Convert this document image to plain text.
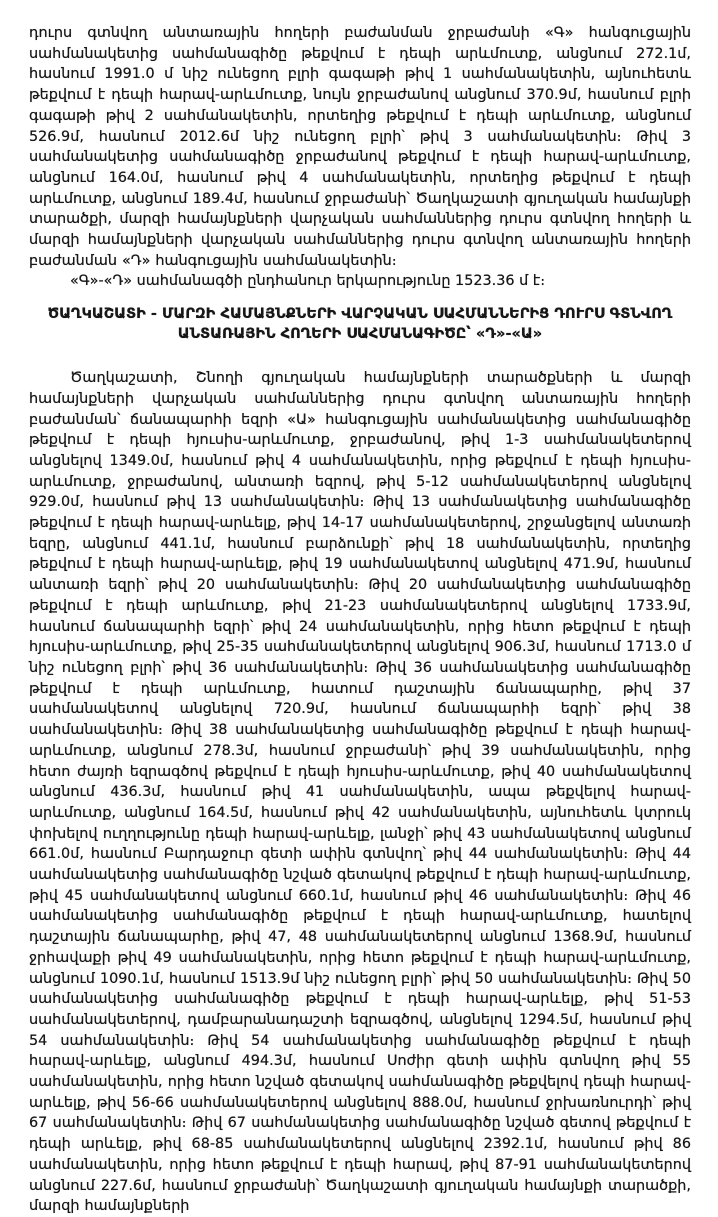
դուրս գտնվող անտառային հողերի բաժանման ջրբաժանի «Գ» հանգուցային սահմանակետից սահմանագիծը թեքվում է դեպի արևմուտք, անցնում 272.1մ, հասնում 1991.0 մ նիշ ունեցող բլրի գագաթի թիվ 1 սահմանակետին, այնուհետև թեքվում է դեպի հարավ-արևմուտք, նույն ջրբաժանով անցնում 370.9մ, հասնում բլրի գագաթի թիվ 2 սահմանակետին, որտեղից թեքվում է դեպի արևմուտք, անցնում 526.9մ, հասնում 2012.6մ նիշ ունեցող բլրի՝ թիվ 3 սահմանակետին։ Թիվ 3 սահմանակետից սահմանագիծը ջրբաժանով թեքվում է դեպի հարավ-արևմուտք, անցնում 164.0մ, հասնում թիվ 4 սահմանակետին, որտեղից թեքվում է դեպի արևմուտք, անցնում 189.4մ, հասնում ջրբաժանի՝ Ծաղկաշատի գյուղական համայնքի տարածքի, մարզի համայնքների վարչական սահմաններից դուրս գտնվող հողերի և մարզի համայնքների վարչական սահմաններից դուրս գտնվող անտառային հողերի բաժանման «Դ» հանգուցային սահմանակետին։

«Գ»-«Դ» սահմանագծի ընդհանուր երկարությունը 1523.36 մ է։

ԾԱՂԿԱՇԱՏԻ - ՄԱՐԶԻ ՀԱՄԱՅՆՔՆԵՐԻ ՎԱՐՉԱԿԱՆ ՍԱՀՄԱՆՆԵՐԻՑ ԴՈՒՐՍ ԳՏՆՎՈՂ ԱՆՏԱՌԱՅԻՆ ՀՈՂԵՐԻ ՍԱՀՄԱՆԱԳԻԾԸ՝ «Դ»-«Ա»

Ծաղկաշատի, Շնողի գյուղական համայնքների տարածքների և մարզի համայնքների վարչական սահմաններից դուրս գտնվող անտառային հողերի բաժանման՝ ճանապարհի եզրի «Ա» հանգուցային սահմանակետից սահմանագիծը թեքվում է դեպի հյուսիս-արևմուտք, ջրբաժանով, թիվ 1-3 սահմանակետերով անցնելով 1349.0մ, հասնում թիվ 4 սահմանակետին, որից թեքվում է դեպի հյուսիս-արևմուտք, ջրբաժանով, անտառի եզրով, թիվ 5-12 սահմանակետերով անցնելով 929.0մ, հասնում թիվ 13 սահմանակետին։ Թիվ 13 սահմանակետից սահմանագիծը թեքվում է դեպի հարավ-արևելք, թիվ 14-17 սահմանակետերով, շրջանցելով անտառի եզրը, անցնում 441.1մ, հասնում բարձունքի՝ թիվ 18 սահմանակետին, որտեղից թեքվում է դեպի հարավ-արևելք, թիվ 19 սահմանակետով անցնելով 471.9մ, հասնում անտառի եզրի՝ թիվ 20 սահմանակետին։ Թիվ 20 սահմանակետից սահմանագիծը թեքվում է դեպի արևմուտք, թիվ 21-23 սահմանակետերով անցնելով 1733.9մ, հասնում ճանապարհի եզրի՝ թիվ 24 սահմանակետին, որից հետո թեքվում է դեպի հյուսիս-արևմուտք, թիվ 25-35 սահմանակետերով անցնելով 906.3մ, հասնում 1713.0 մ նիշ ունեցող բլրի՝ թիվ 36 սահմանակետին։ Թիվ 36 սահմանակետից սահմանագիծը թեքվում է դեպի արևմուտք, հատում դաշտային ճանապարհը, թիվ 37 սահմանակետով անցնելով 720.9մ, հասնում ճանապարհի եզրի՝ թիվ 38 սահմանակետին։ Թիվ 38 սահմանակետից սահմանագիծը թեքվում է դեպի հարավ-արևմուտք, անցնում 278.3մ, հասնում ջրբաժանի՝ թիվ 39 սահմանակետին, որից հետո ժայռի եզրագծով թեքվում է դեպի հյուսիս-արևմուտք, թիվ 40 սահմանակետով անցնում 436.3մ, հասնում թիվ 41 սահմանակետին, ապա թեքվելով հարավ-արևմուտք, անցնում 164.5մ, հասնում թիվ 42 սահմանակետին, այնուհետև կտրուկ փոխելով ուղղությունը դեպի հարավ-արևելք, լանջի՝ թիվ 43 սահմանակետով անցնում 661.0մ, հասնում Բարդաջուր գետի ափին գտնվող՝ թիվ 44 սահմանակետին։ Թիվ 44 սահմանակետից սահմանագիծը նշված գետակով թեքվում է դեպի հարավ-արևմուտք, թիվ 45 սահմանակետով անցնում 660.1մ, հասնում թիվ 46 սահմանակետին։ Թիվ 46 սահմանակետից սահմանագիծը թեքվում է դեպի հարավ-արևմուտք, հատելով դաշտային ճանապարհը, թիվ 47, 48 սահմանակետերով անցնում 1368.9մ, հասնում ջրհավաքի թիվ 49 սահմանակետին, որից հետո թեքվում է դեպի հարավ-արևմուտք, անցնում 1090.1մ, հասնում 1513.9մ նիշ ունեցող բլրի՝ թիվ 50 սահմանակետին։ Թիվ 50 սահմանակետից սահմանագիծը թեքվում է դեպի հարավ-արևելք, թիվ 51-53 սահմանակետերով, դամբարանադաշտի եզրագծով, անցնելով 1294.5մ, հասնում թիվ 54 սահմանակետին։ Թիվ 54 սահմանակետից սահմանագիծը թեքվում է դեպի հարավ-արևելք, անցնում 494.3մ, հասնում Սոժիր գետի ափին գտնվող թիվ 55 սահմանակետին, որից հետո նշված գետակով սահմանագիծը թեքվելով դեպի հարավ-արևելք, թիվ 56-66 սահմանակետերով անցնելով 888.0մ, հասնում ջրխառնուրդի՝ թիվ 67 սահմանակետին։ Թիվ 67 սահմանակետից սահմանագիծը նշված գետով թեքվում է դեպի արևելք, թիվ 68-85 սահմանակետերով անցնելով 2392.1մ, հասնում թիվ 86 սահմանակետին, որից հետո թեքվում է դեպի հարավ, թիվ 87-91 սահմանակետերով անցնում 227.6մ, հասնում ջրբաժանի՝ Ծաղկաշատի գյուղական համայնքի տարածքի, մարզի համայնքների
